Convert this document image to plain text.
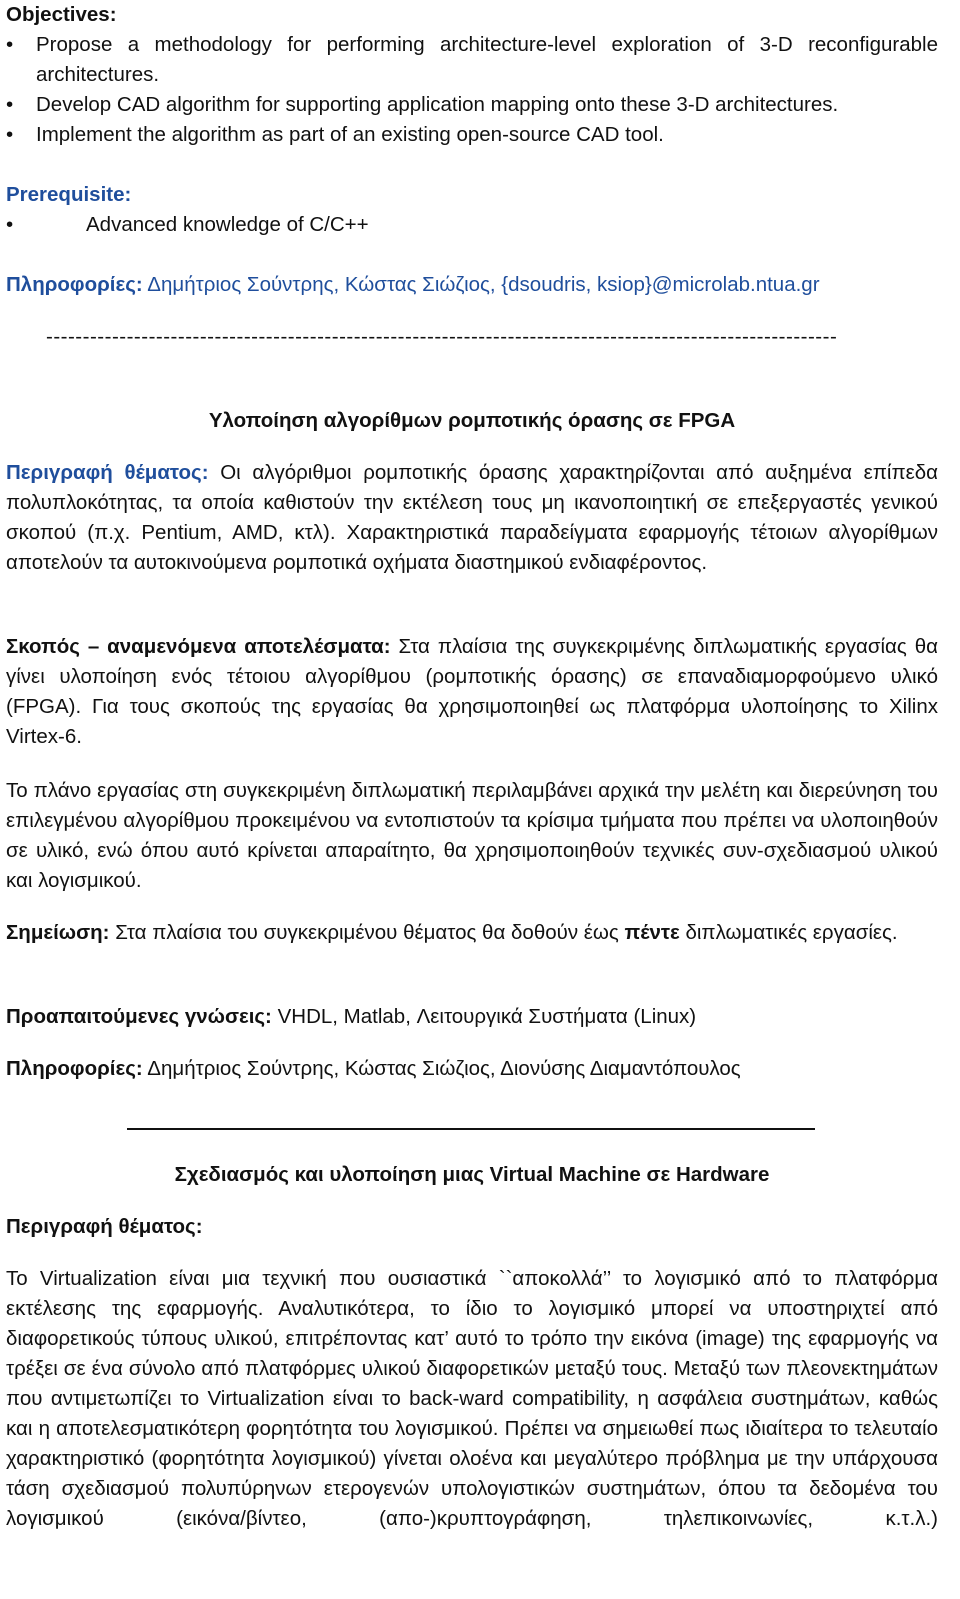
Objectives:
• Propose a methodology for performing architecture-level exploration of 3-D reconfigurable architectures.
• Develop CAD algorithm for supporting application mapping onto these 3-D architectures.
• Implement the algorithm as part of an existing open-source CAD tool.
Prerequisite:
• Advanced knowledge of C/C++
Πληροφορίες: Δημήτριος Σούντρης, Κώστας Σιώζιος, {dsoudris, ksiop}@microlab.ntua.gr
------------------------------------------------------------------------------------------------------------
Υλοποίηση αλγορίθμων ρομποτικής όρασης σε FPGA

Περιγραφή θέματος: Οι αλγόριθμοι ρομποτικής όρασης χαρακτηρίζονται από αυξημένα επίπεδα πολυπλοκότητας, τα οποία καθιστούν την εκτέλεση τους μη ικανοποιητική σε επεξεργαστές γενικού σκοπού (π.χ. Pentium, AMD, κτλ). Χαρακτηριστικά παραδείγματα εφαρμογής τέτοιων αλγορίθμων αποτελούν τα αυτοκινούμενα ρομποτικά οχήματα διαστημικού ενδιαφέροντος.

Σκοπός – αναμενόμενα αποτελέσματα: Στα πλαίσια της συγκεκριμένης διπλωματικής εργασίας θα γίνει υλοποίηση ενός τέτοιου αλγορίθμου (ρομποτικής όρασης) σε επαναδιαμορφούμενο υλικό (FPGA). Για τους σκοπούς της εργασίας θα χρησιμοποιηθεί ως πλατφόρμα υλοποίησης το Xilinx Virtex-6.

Το πλάνο εργασίας στη συγκεκριμένη διπλωματική περιλαμβάνει αρχικά την μελέτη και διερεύνηση του επιλεγμένου αλγορίθμου προκειμένου να εντοπιστούν τα κρίσιμα τμήματα που πρέπει να υλοποιηθούν σε υλικό, ενώ όπου αυτό κρίνεται απαραίτητο, θα χρησιμοποιηθούν τεχνικές συν-σχεδιασμού υλικού και λογισμικού.

Σημείωση: Στα πλαίσια του συγκεκριμένου θέματος θα δοθούν έως πέντε διπλωματικές εργασίες.

Προαπαιτούμενες γνώσεις: VHDL, Matlab, Λειτουργικά Συστήματα (Linux)

Πληροφορίες: Δημήτριος Σούντρης, Κώστας Σιώζιος, Διονύσης Διαμαντόπουλος

Σχεδιασμός και υλοποίηση μιας Virtual Machine σε Hardware
Περιγραφή θέματος:

Το Virtualization είναι μια τεχνική που ουσιαστικά ``αποκολλά’’ το λογισμικό από το πλατφόρμα εκτέλεσης της εφαρμογής. Αναλυτικότερα, το ίδιο το λογισμικό μπορεί να υποστηριχτεί από διαφορετικούς τύπους υλικού, επιτρέποντας κατ’ αυτό το τρόπο την εικόνα (image) της εφαρμογής να τρέξει σε ένα σύνολο από πλατφόρμες υλικού διαφορετικών μεταξύ τους. Μεταξύ των πλεονεκτημάτων που αντιμετωπίζει το Virtualization είναι το back-ward compatibility, η ασφάλεια συστημάτων, καθώς και η αποτελεσματικότερη φορητότητα του λογισμικού. Πρέπει να σημειωθεί πως ιδιαίτερα το τελευταίο χαρακτηριστικό (φορητότητα λογισμικού) γίνεται ολοένα και μεγαλύτερο πρόβλημα με την υπάρχουσα τάση σχεδιασμού πολυπύρηνων ετερογενών υπολογιστικών συστημάτων, όπου τα δεδομένα του λογισμικού (εικόνα/βίντεο, (απο-)κρυπτογράφηση, τηλεπικοινωνίες, κ.τ.λ.)
